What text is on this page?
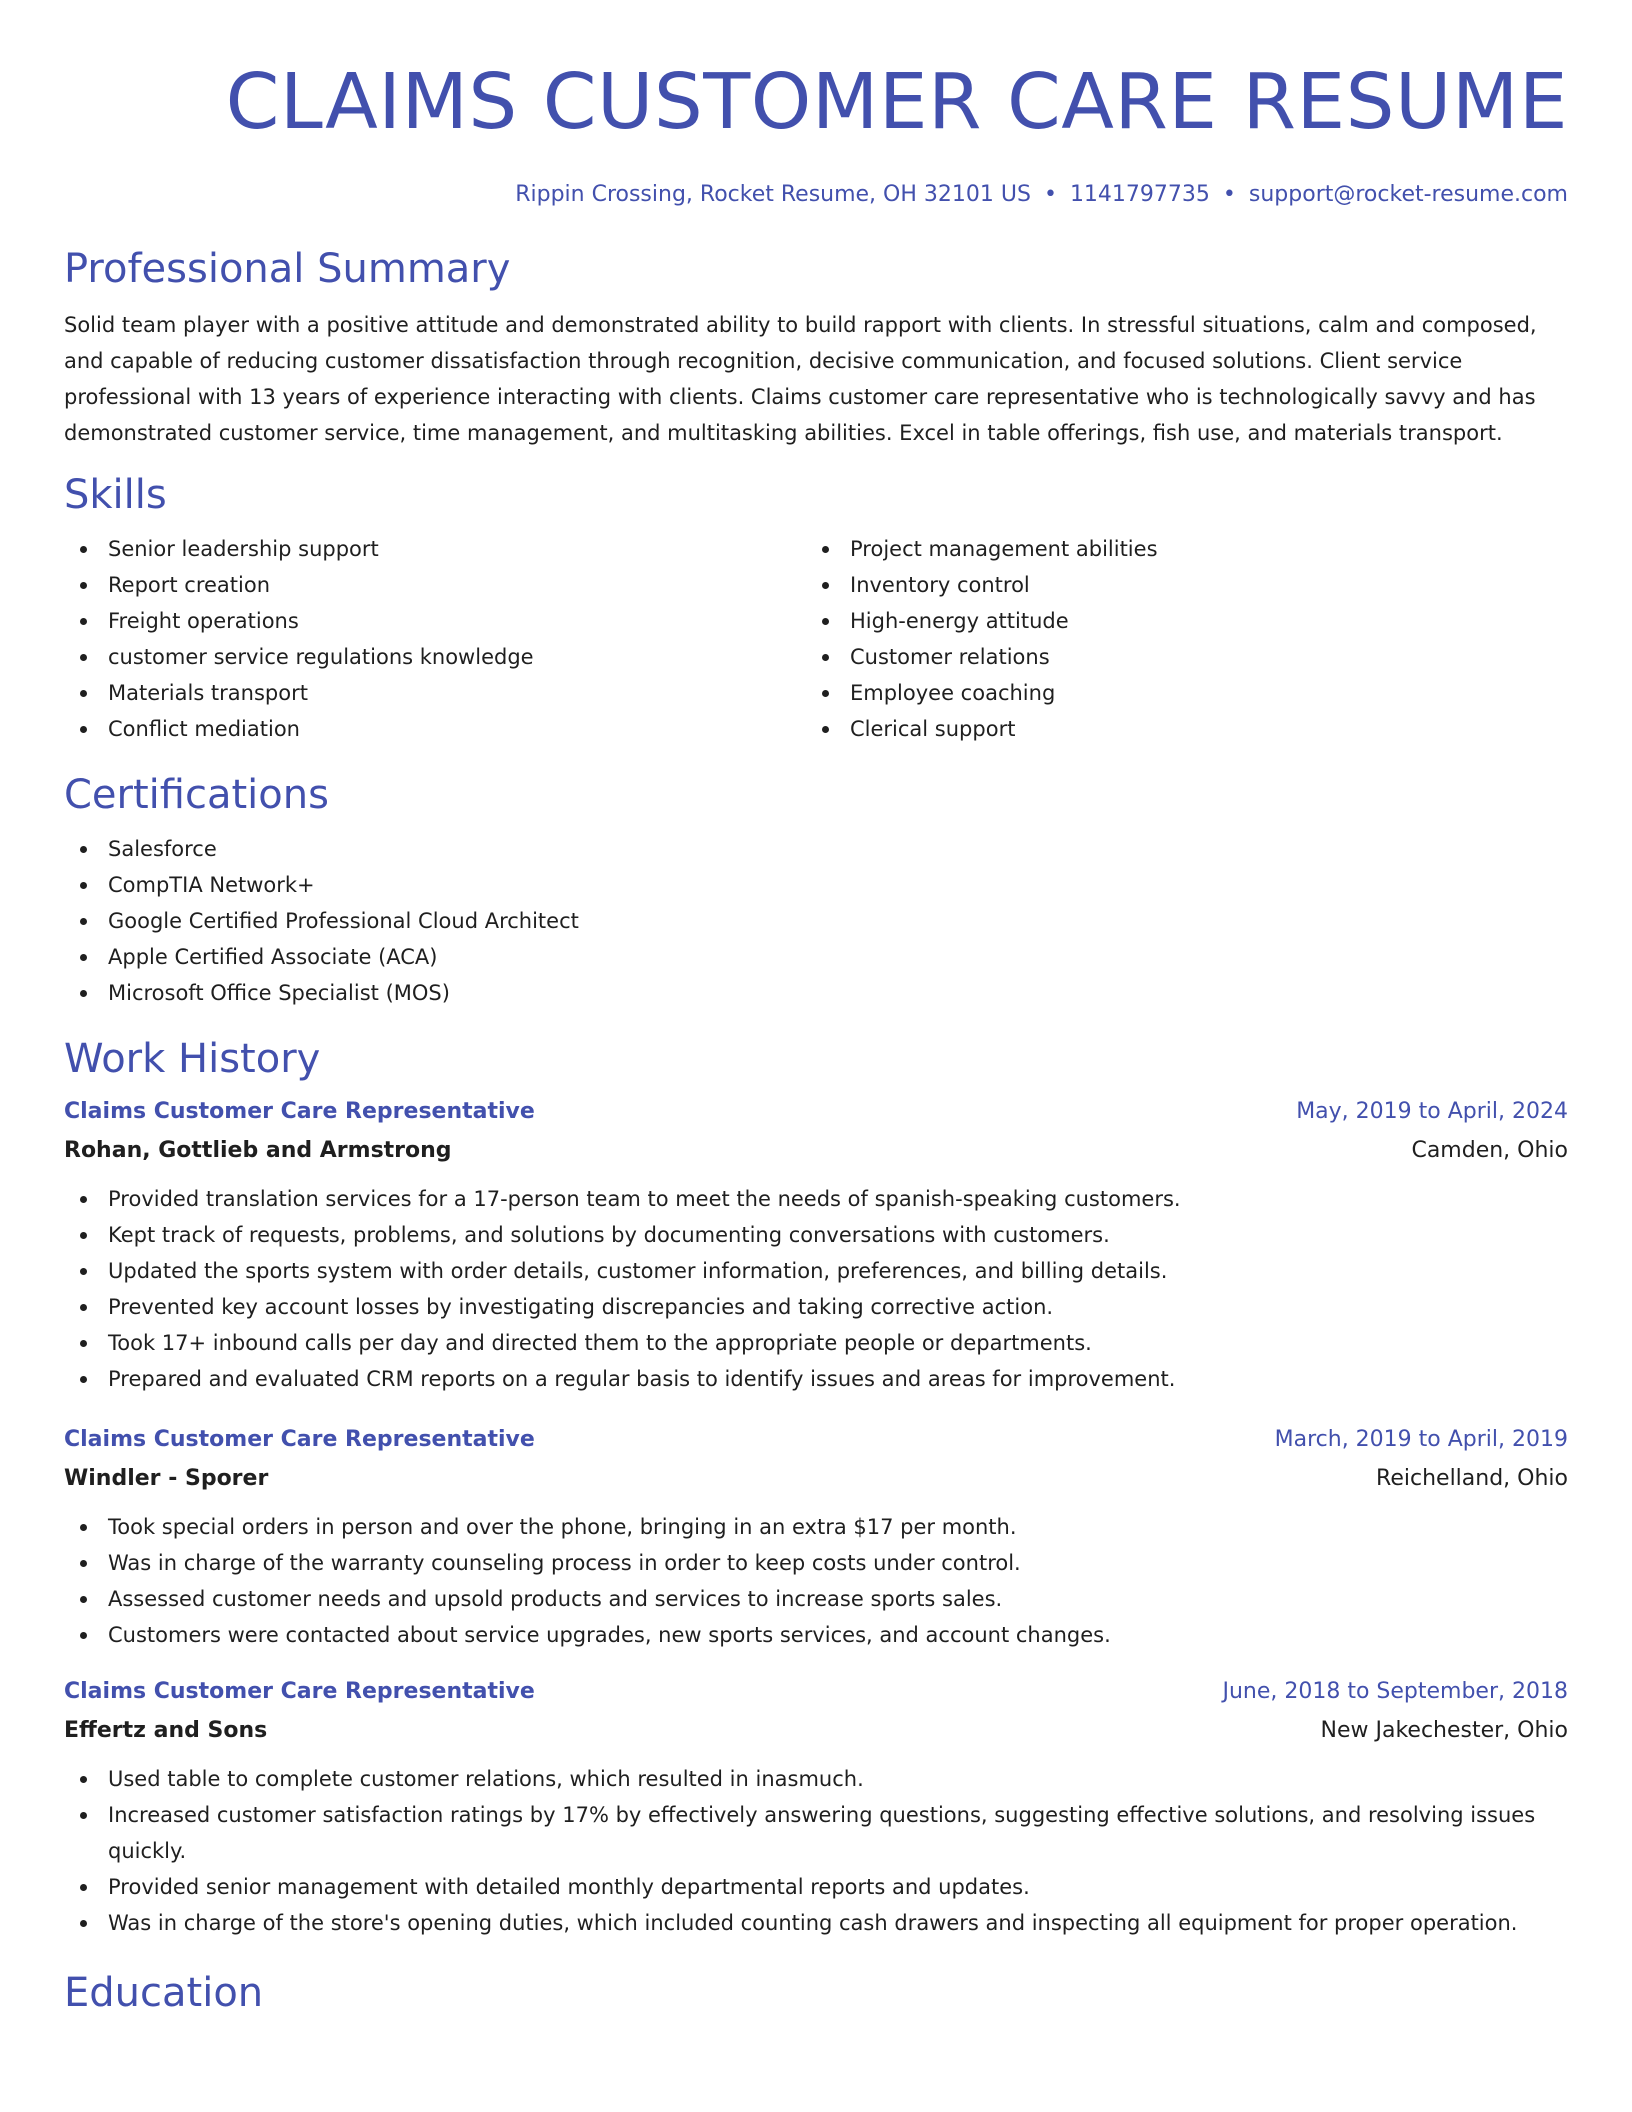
CLAIMS CUSTOMER CARE RESUME
Rippin Crossing, Rocket Resume, OH 32101 US • 1141797735 • support@rocket-resume.com
Professional Summary

Solid team player with a positive attitude and demonstrated ability to build rapport with clients. In stressful situations, calm and composed, and capable of reducing customer dissatisfaction through recognition, decisive communication, and focused solutions. Client service professional with 13 years of experience interacting with clients. Claims customer care representative who is technologically savvy and has demonstrated customer service, time management, and multitasking abilities. Excel in table offerings, fish use, and materials transport.

Skills
Senior leadership support
Report creation
Freight operations
customer service regulations knowledge
Materials transport
Conflict mediation
Project management abilities
Inventory control
High-energy attitude
Customer relations
Employee coaching
Clerical support
Certifications
Salesforce
CompTIA Network+
Google Certified Professional Cloud Architect
Apple Certified Associate (ACA)
Microsoft Office Specialist (MOS)
Work History
Claims Customer Care Representative	May, 2019 to April, 2024
Rohan, Gottlieb and Armstrong	Camden, Ohio
Provided translation services for a 17-person team to meet the needs of spanish-speaking customers.
Kept track of requests, problems, and solutions by documenting conversations with customers.
Updated the sports system with order details, customer information, preferences, and billing details.
Prevented key account losses by investigating discrepancies and taking corrective action.
Took 17+ inbound calls per day and directed them to the appropriate people or departments.
Prepared and evaluated CRM reports on a regular basis to identify issues and areas for improvement.
Claims Customer Care Representative	March, 2019 to April, 2019
Windler - Sporer	Reichelland, Ohio
Took special orders in person and over the phone, bringing in an extra $17 per month.
Was in charge of the warranty counseling process in order to keep costs under control.
Assessed customer needs and upsold products and services to increase sports sales.
Customers were contacted about service upgrades, new sports services, and account changes.
Claims Customer Care Representative	June, 2018 to September, 2018
Effertz and Sons	New Jakechester, Ohio
Used table to complete customer relations, which resulted in inasmuch.
Increased customer satisfaction ratings by 17% by effectively answering questions, suggesting effective solutions, and resolving issues quickly.
Provided senior management with detailed monthly departmental reports and updates.
Was in charge of the store's opening duties, which included counting cash drawers and inspecting all equipment for proper operation.
Education
